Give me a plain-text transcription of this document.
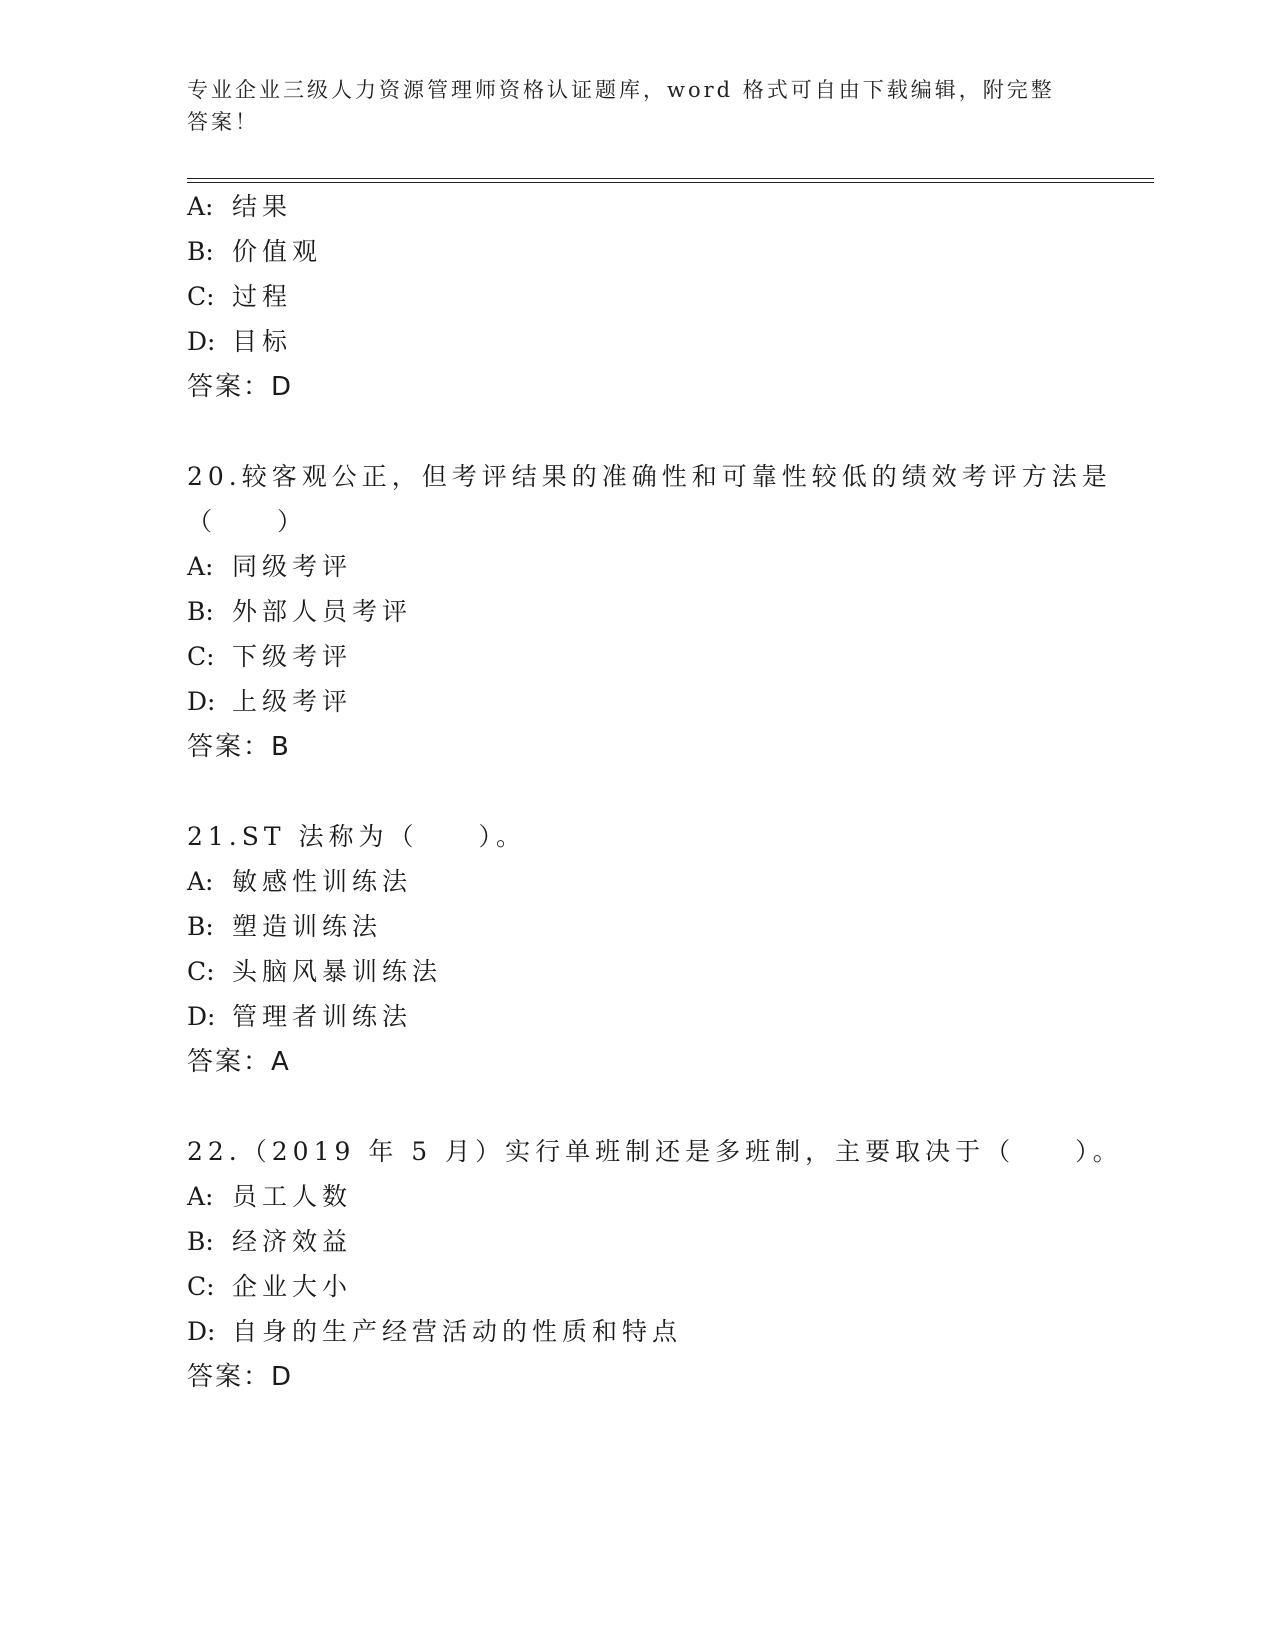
专业企业三级人力资源管理师资格认证题库，word 格式可自由下载编辑，附完整
答案！
A: 结果
B: 价值观
C: 过程
D: 目标
答案：D
20.较客观公正，但考评结果的准确性和可靠性较低的绩效考评方法是
（　　）
A: 同级考评
B: 外部人员考评
C: 下级考评
D: 上级考评
答案：B
21.ST 法称为（　　）。
A: 敏感性训练法
B: 塑造训练法
C: 头脑风暴训练法
D: 管理者训练法
答案：A
22.（2019 年 5 月）实行单班制还是多班制，主要取决于（　　）。
A: 员工人数
B: 经济效益
C: 企业大小
D: 自身的生产经营活动的性质和特点
答案：D
